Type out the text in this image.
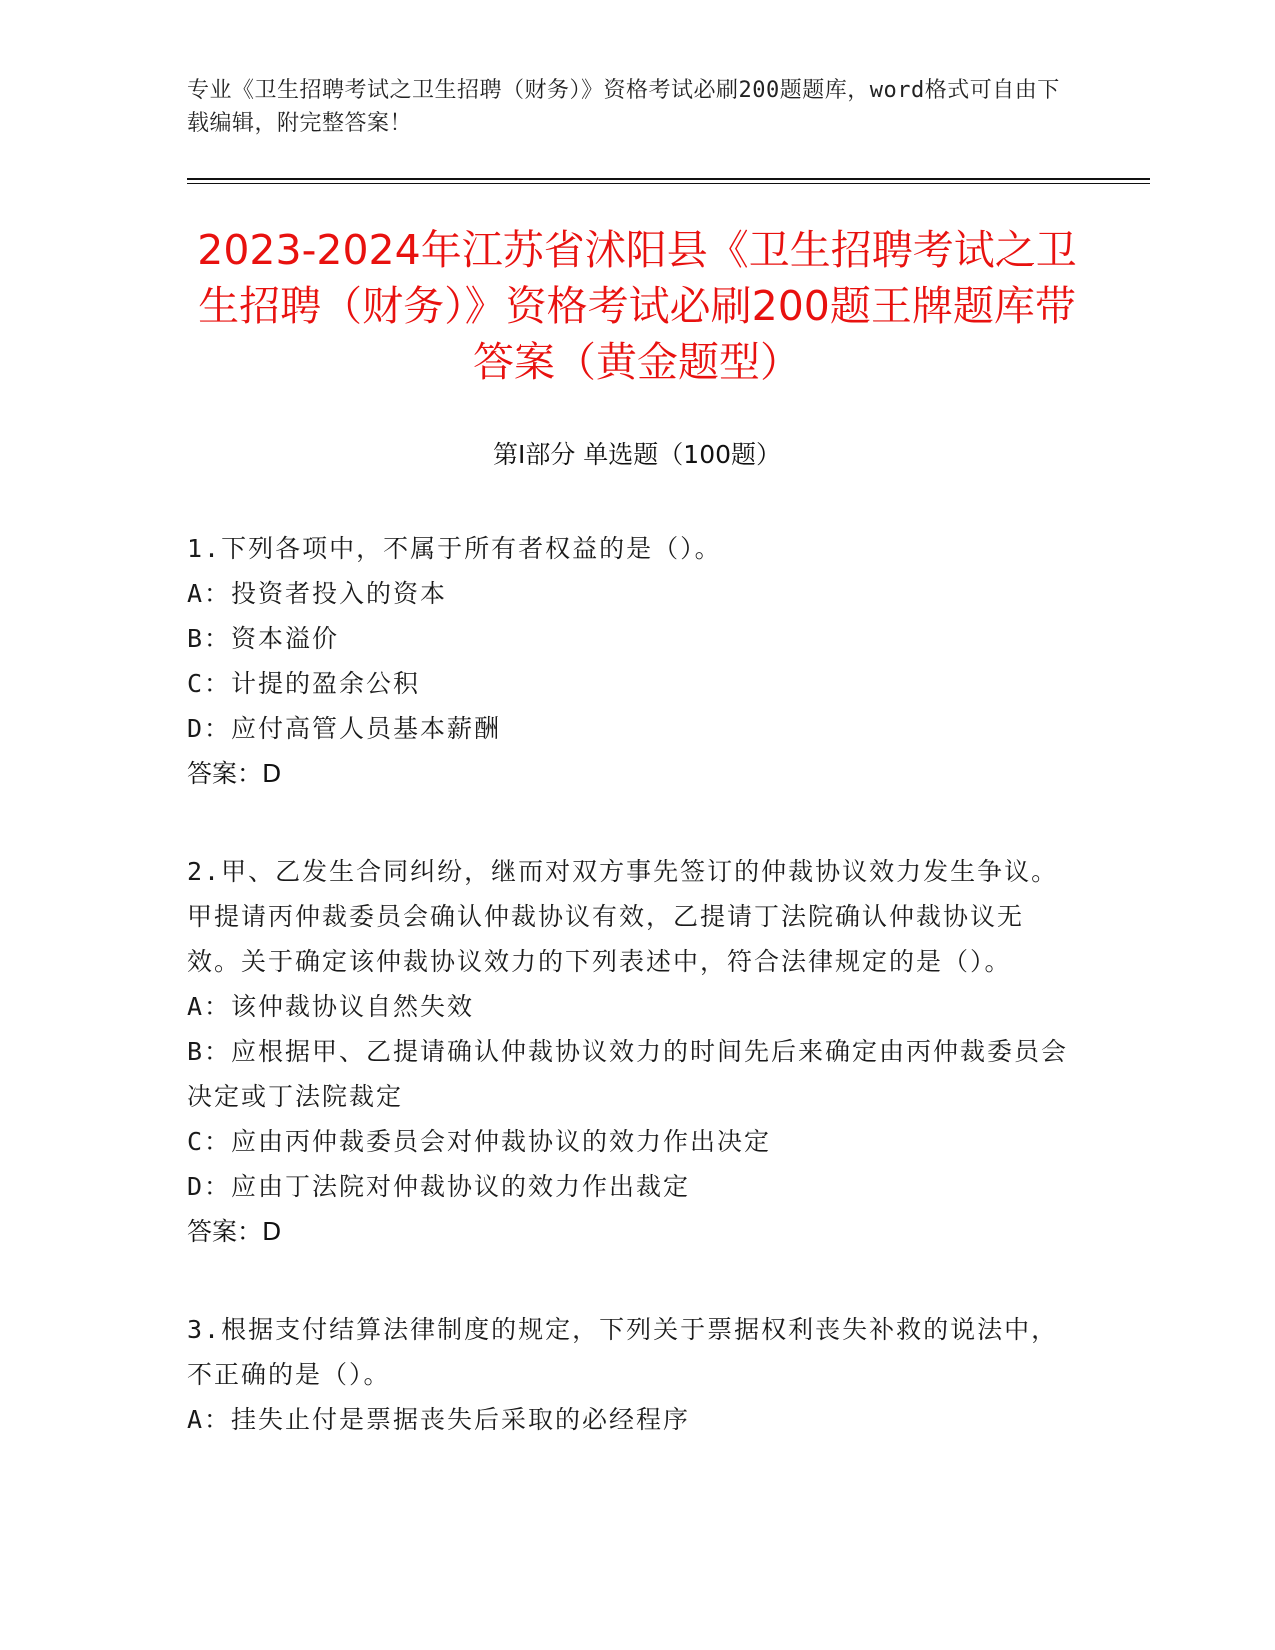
专业《卫生招聘考试之卫生招聘（财务）》资格考试必刷200题题库，word格式可自由下载编辑，附完整答案！
2023-2024年江苏省沭阳县《卫生招聘考试之卫生招聘（财务）》资格考试必刷200题王牌题库带答案（黄金题型）
第I部分 单选题（100题）

1.下列各项中，不属于所有者权益的是（）。

A：投资者投入的资本

B：资本溢价

C：计提的盈余公积

D：应付高管人员基本薪酬

答案：D

2.甲、乙发生合同纠纷，继而对双方事先签订的仲裁协议效力发生争议。甲提请丙仲裁委员会确认仲裁协议有效，乙提请丁法院确认仲裁协议无效。关于确定该仲裁协议效力的下列表述中，符合法律规定的是（）。

A：该仲裁协议自然失效

B：应根据甲、乙提请确认仲裁协议效力的时间先后来确定由丙仲裁委员会决定或丁法院裁定

C：应由丙仲裁委员会对仲裁协议的效力作出决定

D：应由丁法院对仲裁协议的效力作出裁定

答案：D

3.根据支付结算法律制度的规定，下列关于票据权利丧失补救的说法中，不正确的是（）。

A：挂失止付是票据丧失后采取的必经程序
